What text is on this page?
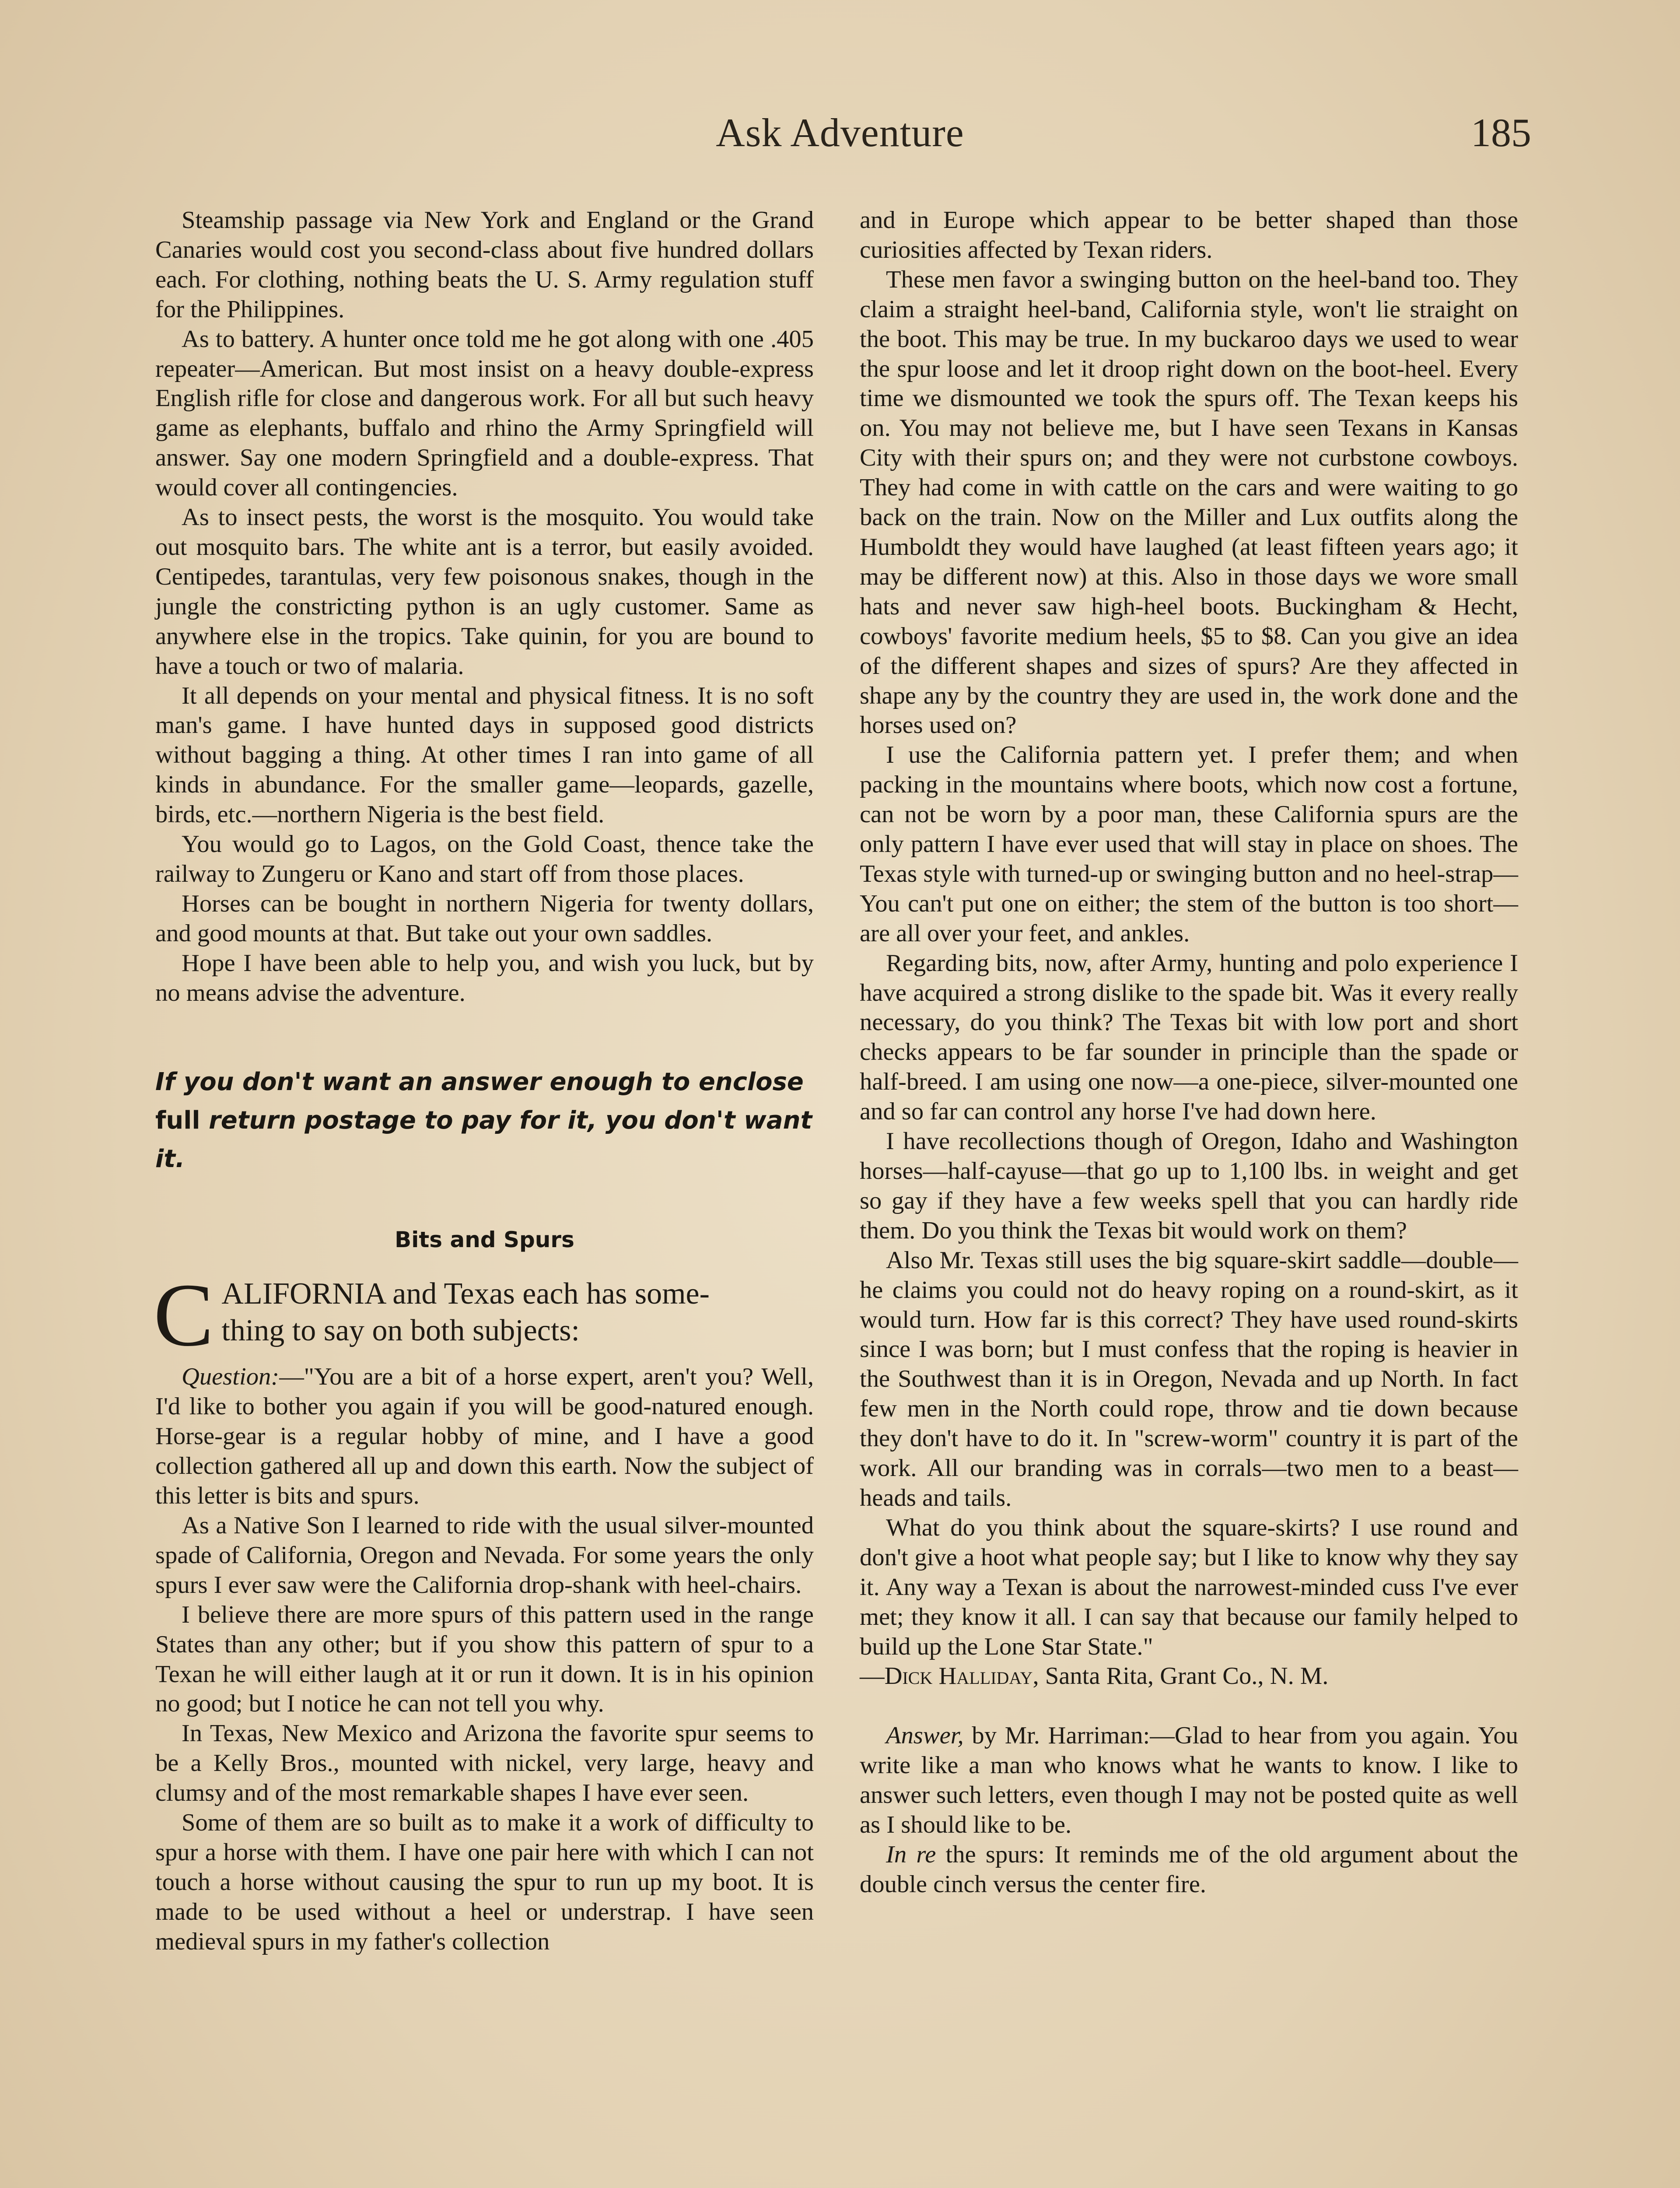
Ask Adventure	185

Steamship passage via New York and England or the Grand Canaries would cost you second-class about five hundred dollars each. For clothing, nothing beats the U. S. Army regulation stuff for the Philippines.

As to battery. A hunter once told me he got along with one .405 repeater—American. But most insist on a heavy double-express English rifle for close and dangerous work. For all but such heavy game as elephants, buffalo and rhino the Army Springfield will answer. Say one modern Springfield and a double-express. That would cover all contingencies.

As to insect pests, the worst is the mosquito. You would take out mosquito bars. The white ant is a terror, but easily avoided. Centipedes, tarantulas, very few poisonous snakes, though in the jungle the constricting python is an ugly customer. Same as anywhere else in the tropics. Take quinin, for you are bound to have a touch or two of malaria.

It all depends on your mental and physical fitness. It is no soft man's game. I have hunted days in supposed good districts without bagging a thing. At other times I ran into game of all kinds in abundance. For the smaller game—leopards, gazelle, birds, etc.—northern Nigeria is the best field.

You would go to Lagos, on the Gold Coast, thence take the railway to Zungeru or Kano and start off from those places.

Horses can be bought in northern Nigeria for twenty dollars, and good mounts at that. But take out your own saddles.

Hope I have been able to help you, and wish you luck, but by no means advise the adventure.

If you don't want an answer enough to enclose full return postage to pay for it, you don't want it.
Bits and Spurs
C ALIFORNIA and Texas each has some-
thing to say on both subjects:

Question:—"You are a bit of a horse expert, aren't you? Well, I'd like to bother you again if you will be good-natured enough. Horse-gear is a regular hobby of mine, and I have a good collection gathered all up and down this earth. Now the subject of this letter is bits and spurs.

As a Native Son I learned to ride with the usual silver-mounted spade of California, Oregon and Nevada. For some years the only spurs I ever saw were the California drop-shank with heel-chairs.

I believe there are more spurs of this pattern used in the range States than any other; but if you show this pattern of spur to a Texan he will either laugh at it or run it down. It is in his opinion no good; but I notice he can not tell you why.

In Texas, New Mexico and Arizona the favorite spur seems to be a Kelly Bros., mounted with nickel, very large, heavy and clumsy and of the most remarkable shapes I have ever seen.

Some of them are so built as to make it a work of difficulty to spur a horse with them. I have one pair here with which I can not touch a horse without causing the spur to run up my boot. It is made to be used without a heel or understrap. I have seen medieval spurs in my father's collection

and in Europe which appear to be better shaped than those curiosities affected by Texan riders.

These men favor a swinging button on the heel-band too. They claim a straight heel-band, California style, won't lie straight on the boot. This may be true. In my buckaroo days we used to wear the spur loose and let it droop right down on the boot-heel. Every time we dismounted we took the spurs off. The Texan keeps his on. You may not believe me, but I have seen Texans in Kansas City with their spurs on; and they were not curbstone cowboys. They had come in with cattle on the cars and were waiting to go back on the train. Now on the Miller and Lux outfits along the Humboldt they would have laughed (at least fifteen years ago; it may be different now) at this. Also in those days we wore small hats and never saw high-heel boots. Buckingham & Hecht, cowboys' favorite medium heels, $5 to $8. Can you give an idea of the different shapes and sizes of spurs? Are they affected in shape any by the country they are used in, the work done and the horses used on?

I use the California pattern yet. I prefer them; and when packing in the mountains where boots, which now cost a fortune, can not be worn by a poor man, these California spurs are the only pattern I have ever used that will stay in place on shoes. The Texas style with turned-up or swinging button and no heel-strap—You can't put one on either; the stem of the button is too short—are all over your feet, and ankles.

Regarding bits, now, after Army, hunting and polo experience I have acquired a strong dislike to the spade bit. Was it every really necessary, do you think? The Texas bit with low port and short checks appears to be far sounder in principle than the spade or half-breed. I am using one now—a one-piece, silver-mounted one and so far can control any horse I've had down here.

I have recollections though of Oregon, Idaho and Washington horses—half-cayuse—that go up to 1,100 lbs. in weight and get so gay if they have a few weeks spell that you can hardly ride them. Do you think the Texas bit would work on them?

Also Mr. Texas still uses the big square-skirt saddle—double—he claims you could not do heavy roping on a round-skirt, as it would turn. How far is this correct? They have used round-skirts since I was born; but I must confess that the roping is heavier in the Southwest than it is in Oregon, Nevada and up North. In fact few men in the North could rope, throw and tie down because they don't have to do it. In "screw-worm" country it is part of the work. All our branding was in corrals—two men to a beast—heads and tails.

What do you think about the square-skirts? I use round and don't give a hoot what people say; but I like to know why they say it. Any way a Texan is about the narrowest-minded cuss I've ever met; they know it all. I can say that because our family helped to build up the Lone Star State."

—Dick Halliday, Santa Rita, Grant Co., N. M.

Answer, by Mr. Harriman:—Glad to hear from you again. You write like a man who knows what he wants to know. I like to answer such letters, even though I may not be posted quite as well as I should like to be.

In re the spurs: It reminds me of the old argument about the double cinch versus the center fire.
